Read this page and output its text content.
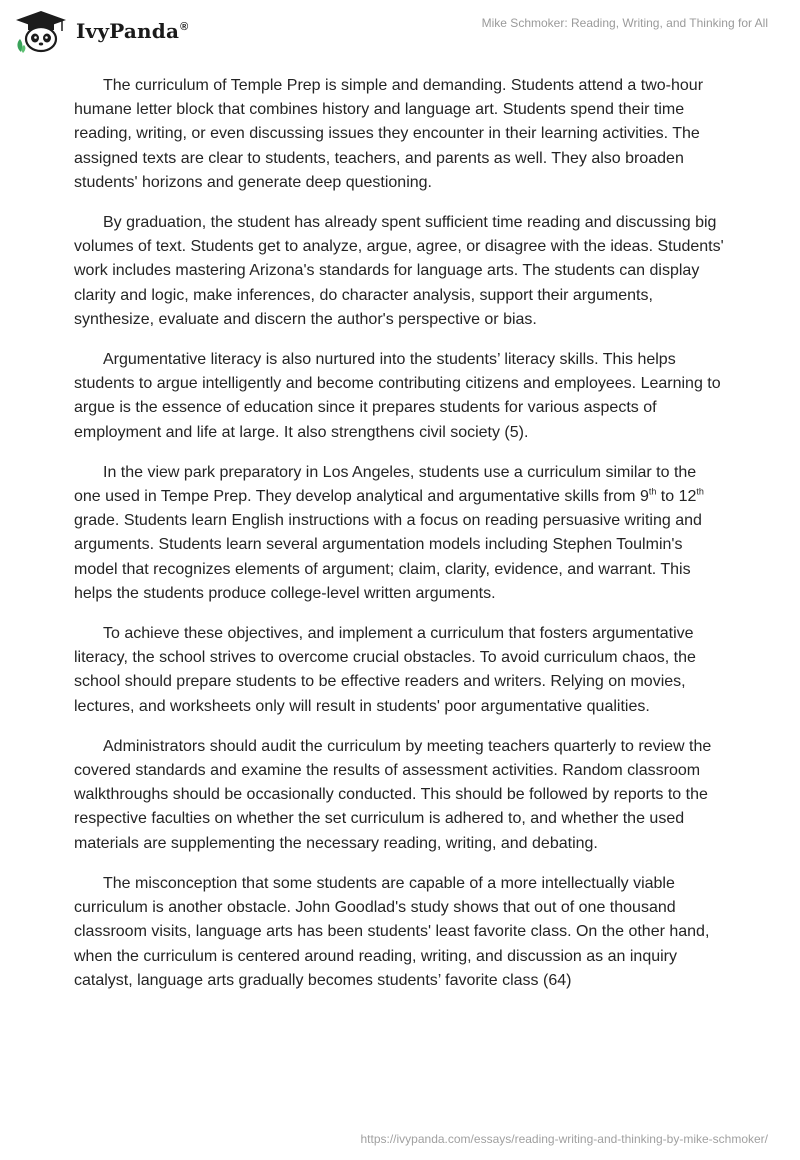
IvyPanda®	Mike Schmoker: Reading, Writing, and Thinking for All

The curriculum of Temple Prep is simple and demanding. Students attend a two-hour humane letter block that combines history and language art. Students spend their time reading, writing, or even discussing issues they encounter in their learning activities. The assigned texts are clear to students, teachers, and parents as well. They also broaden students' horizons and generate deep questioning.

By graduation, the student has already spent sufficient time reading and discussing big volumes of text. Students get to analyze, argue, agree, or disagree with the ideas. Students' work includes mastering Arizona's standards for language arts. The students can display clarity and logic, make inferences, do character analysis, support their arguments, synthesize, evaluate and discern the author's perspective or bias.

Argumentative literacy is also nurtured into the students’ literacy skills. This helps students to argue intelligently and become contributing citizens and employees. Learning to argue is the essence of education since it prepares students for various aspects of employment and life at large. It also strengthens civil society (5).

In the view park preparatory in Los Angeles, students use a curriculum similar to the one used in Tempe Prep. They develop analytical and argumentative skills from 9th to 12th grade. Students learn English instructions with a focus on reading persuasive writing and arguments. Students learn several argumentation models including Stephen Toulmin's model that recognizes elements of argument; claim, clarity, evidence, and warrant. This helps the students produce college-level written arguments.

To achieve these objectives, and implement a curriculum that fosters argumentative literacy, the school strives to overcome crucial obstacles. To avoid curriculum chaos, the school should prepare students to be effective readers and writers. Relying on movies, lectures, and worksheets only will result in students' poor argumentative qualities.

Administrators should audit the curriculum by meeting teachers quarterly to review the covered standards and examine the results of assessment activities. Random classroom walkthroughs should be occasionally conducted. This should be followed by reports to the respective faculties on whether the set curriculum is adhered to, and whether the used materials are supplementing the necessary reading, writing, and debating.

The misconception that some students are capable of a more intellectually viable curriculum is another obstacle. John Goodlad's study shows that out of one thousand classroom visits, language arts has been students' least favorite class. On the other hand, when the curriculum is centered around reading, writing, and discussion as an inquiry catalyst, language arts gradually becomes students’ favorite class (64)

https://ivypanda.com/essays/reading-writing-and-thinking-by-mike-schmoker/
